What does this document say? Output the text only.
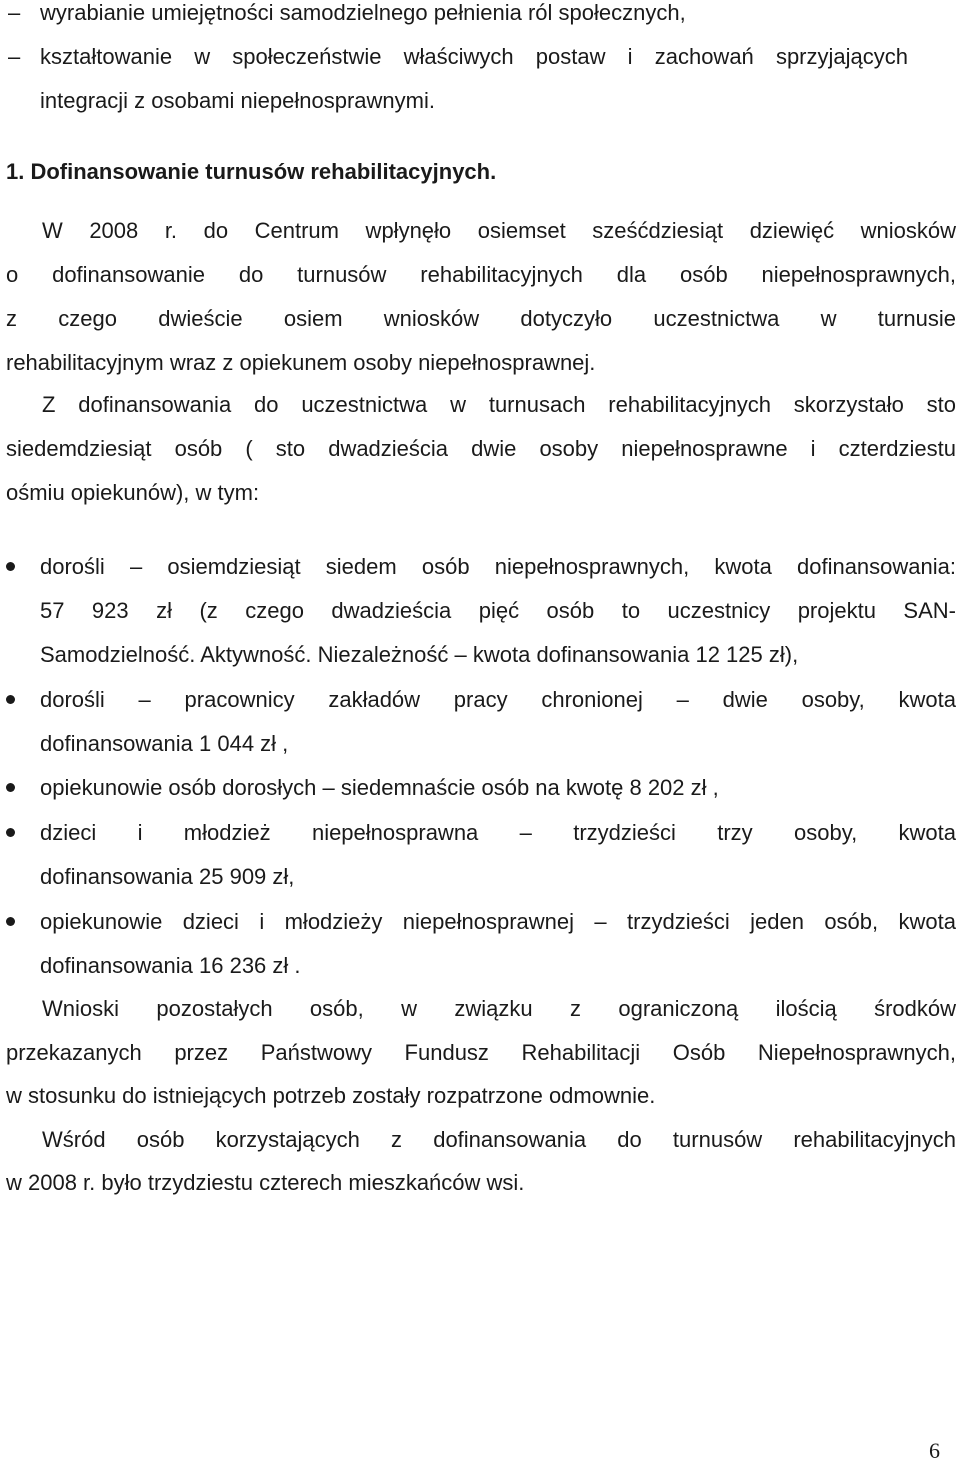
– wyrabianie umiejętności samodzielnego pełnienia ról społecznych,
– kształtowanie w społeczeństwie właściwych postaw i zachowań sprzyjających
integracji z osobami niepełnosprawnymi.
1. Dofinansowanie turnusów rehabilitacyjnych.
W 2008 r. do Centrum wpłynęło osiemset sześćdziesiąt dziewięć wniosków
o dofinansowanie do turnusów rehabilitacyjnych dla osób niepełnosprawnych,
z czego dwieście osiem wniosków dotyczyło uczestnictwa w turnusie
rehabilitacyjnym wraz z opiekunem osoby niepełnosprawnej.
Z dofinansowania do uczestnictwa w turnusach rehabilitacyjnych skorzystało sto
siedemdziesiąt osób ( sto dwadzieścia dwie osoby niepełnosprawne i czterdziestu
ośmiu opiekunów), w tym:
dorośli – osiemdziesiąt siedem osób niepełnosprawnych, kwota dofinansowania:
57 923 zł (z czego dwadzieścia pięć osób to uczestnicy projektu SAN-
Samodzielność. Aktywność. Niezależność – kwota dofinansowania 12 125 zł),
dorośli – pracownicy zakładów pracy chronionej – dwie osoby, kwota
dofinansowania 1 044 zł ,
opiekunowie osób dorosłych – siedemnaście osób na kwotę 8 202 zł ,
dzieci i młodzież niepełnosprawna – trzydzieści trzy osoby, kwota
dofinansowania 25 909 zł,
opiekunowie dzieci i młodzieży niepełnosprawnej – trzydzieści jeden osób, kwota
dofinansowania 16 236 zł .
Wnioski pozostałych osób, w związku z ograniczoną ilością środków
przekazanych przez Państwowy Fundusz Rehabilitacji Osób Niepełnosprawnych,
w stosunku do istniejących potrzeb zostały rozpatrzone odmownie.
Wśród osób korzystających z dofinansowania do turnusów rehabilitacyjnych
w 2008 r. było trzydziestu czterech mieszkańców wsi.
6
